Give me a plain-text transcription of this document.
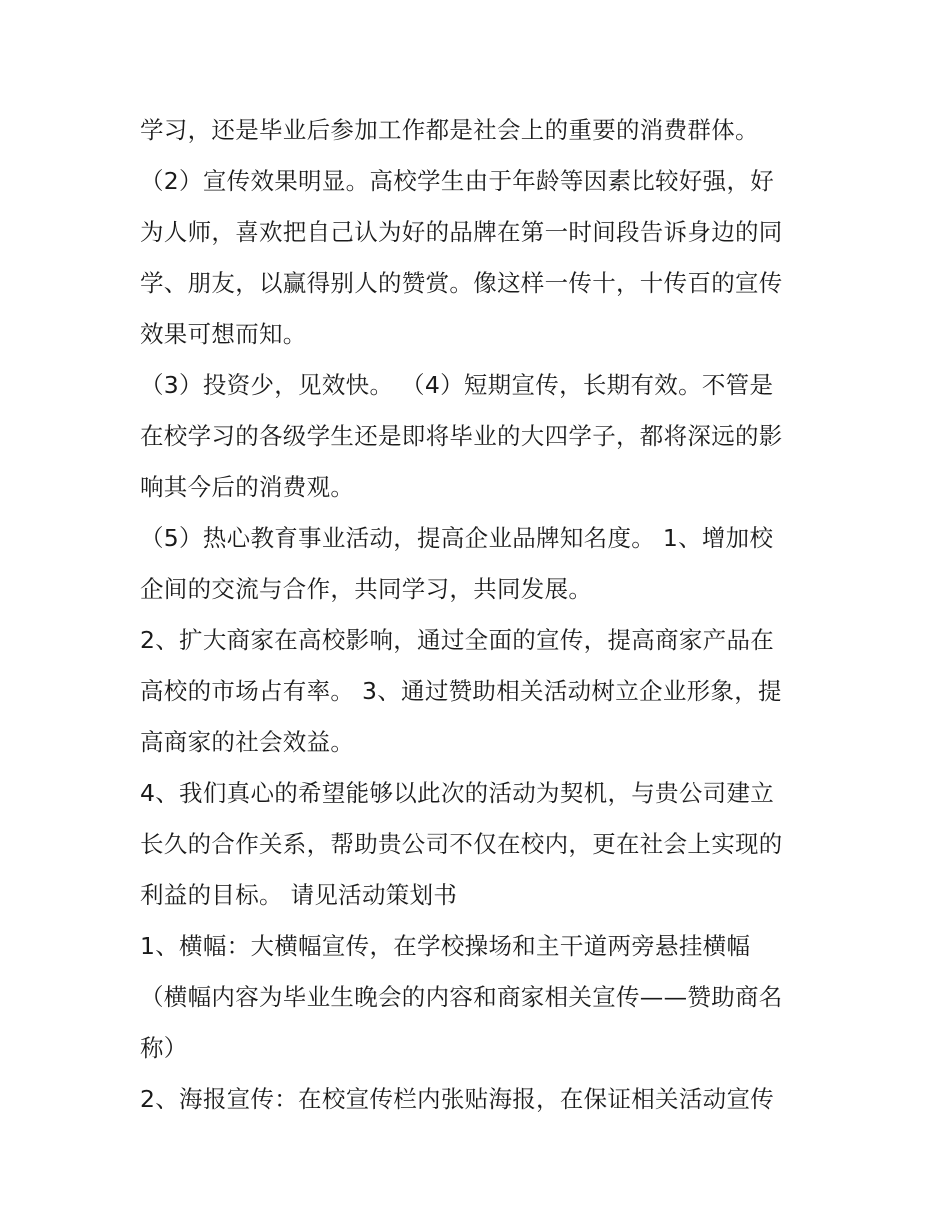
学习，还是毕业后参加工作都是社会上的重要的消费群体。
（2）宣传效果明显。高校学生由于年龄等因素比较好强，好
为人师，喜欢把自己认为好的品牌在第一时间段告诉身边的同
学、朋友，以赢得别人的赞赏。像这样一传十，十传百的宣传
效果可想而知。
（3）投资少，见效快。 （4）短期宣传，长期有效。不管是
在校学习的各级学生还是即将毕业的大四学子，都将深远的影
响其今后的消费观。
（5）热心教育事业活动，提高企业品牌知名度。 1、增加校
企间的交流与合作，共同学习，共同发展。
2、扩大商家在高校影响，通过全面的宣传，提高商家产品在
高校的市场占有率。 3、通过赞助相关活动树立企业形象，提
高商家的社会效益。
4、我们真心的希望能够以此次的活动为契机，与贵公司建立
长久的合作关系，帮助贵公司不仅在校内，更在社会上实现的
利益的目标。 请见活动策划书
1、横幅：大横幅宣传，在学校操场和主干道两旁悬挂横幅
（横幅内容为毕业生晚会的内容和商家相关宣传——赞助商名
称）
2、海报宣传：在校宣传栏内张贴海报，在保证相关活动宣传
